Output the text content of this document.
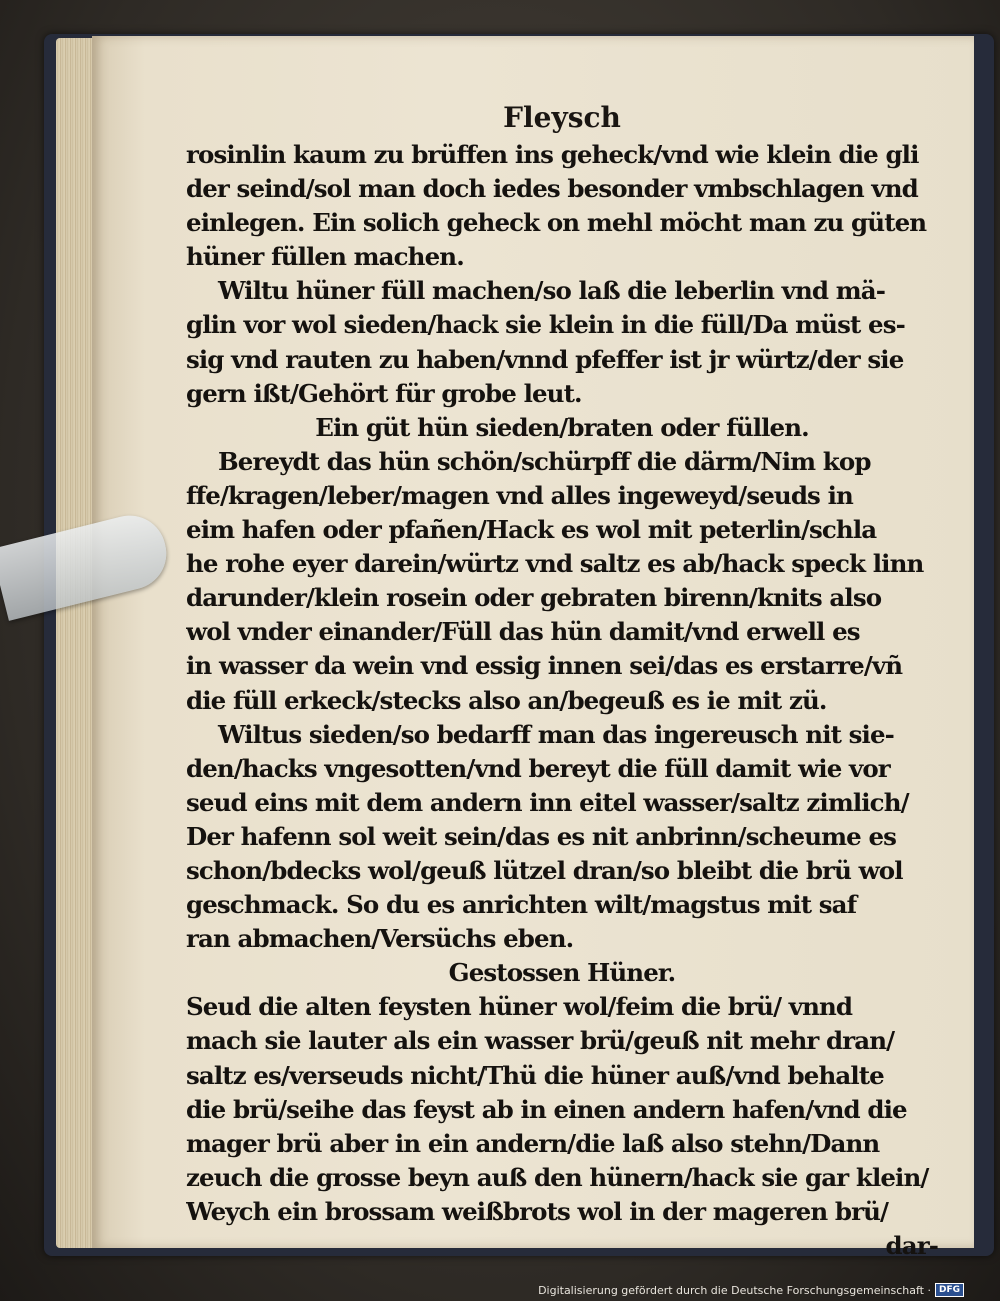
Fleysch
rosinlin kaum zu brüffen ins geheck/vnd wie klein die gli
der seind/sol man doch iedes besonder vmbschlagen vnd
einlegen. Ein solich geheck on mehl möcht man zu güten
hüner füllen machen.
Wiltu hüner füll machen/so laß die leberlin vnd mä-
glin vor wol sieden/hack sie klein in die füll/Da müst es-
sig vnd rauten zu haben/vnnd pfeffer ist jr würtz/der sie
gern ißt/Gehört für grobe leut.
Ein güt hün sieden/braten oder füllen.
Bereydt das hün schön/schürpff die därm/Nim kop
ffe/kragen/leber/magen vnd alles ingeweyd/seuds in
eim hafen oder pfañen/Hack es wol mit peterlin/schla
he rohe eyer darein/würtz vnd saltz es ab/hack speck linn
darunder/klein rosein oder gebraten birenn/knits also
wol vnder einander/Füll das hün damit/vnd erwell es
in wasser da wein vnd essig innen sei/das es erstarre/vñ
die füll erkeck/stecks also an/begeuß es ie mit zü.
Wiltus sieden/so bedarff man das ingereusch nit sie-
den/hacks vngesotten/vnd bereyt die füll damit wie vor
seud eins mit dem andern inn eitel wasser/saltz zimlich/
Der hafenn sol weit sein/das es nit anbrinn/scheume es
schon/bdecks wol/geuß lützel dran/so bleibt die brü wol
geschmack. So du es anrichten wilt/magstus mit saf
ran abmachen/Versüchs eben.
Gestossen Hüner.
Seud die alten feysten hüner wol/feim die brü/ vnnd
mach sie lauter als ein wasser brü/geuß nit mehr dran/
saltz es/verseuds nicht/Thü die hüner auß/vnd behalte
die brü/seihe das feyst ab in einen andern hafen/vnd die
mager brü aber in ein andern/die laß also stehn/Dann
zeuch die grosse beyn auß den hünern/hack sie gar klein/
Weych ein brossam weißbrots wol in der mageren brü/
dar-
Digitalisierung gefördert durch die Deutsche Forschungsgemeinschaft · DFG
